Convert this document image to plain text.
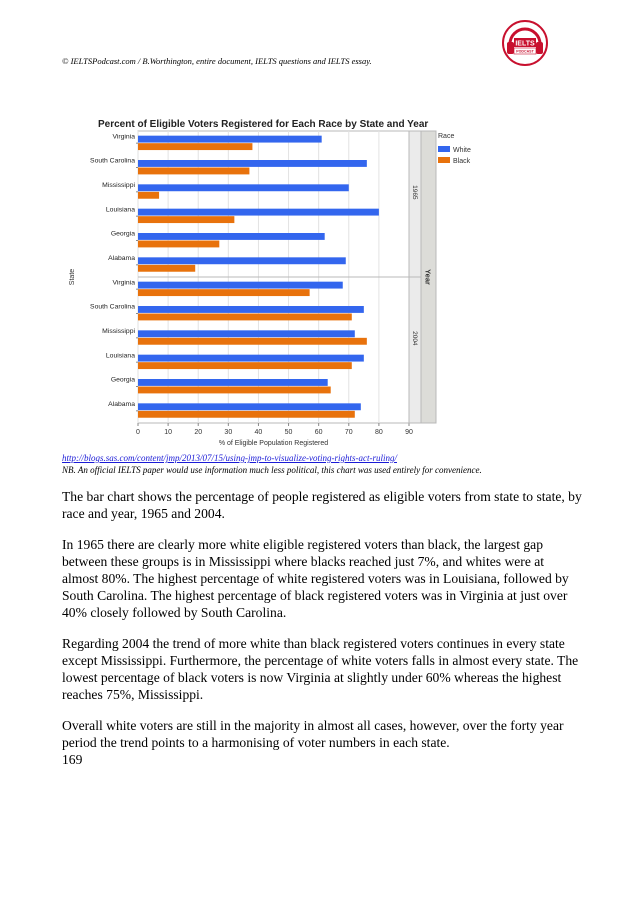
IELTS
PODCAST
© IELTSPodcast.com / B.Worthington, entire document, IELTS questions and IELTS essay.
Percent of Eligible Voters Registered for Each Race by State and Year
0	10	20	30	40	50	60	70	80	90
Year
1965
Virginia
South Carolina
Mississippi
Louisiana
Georgia
Alabama
2004
Virginia
South Carolina
Mississippi
Louisiana
Georgia
Alabama
% of Eligible Population Registered
State
Race
White
Black
http://blogs.sas.com/content/jmp/2013/07/15/using-jmp-to-visualize-voting-rights-act-ruling/
NB. An official IELTS paper would use information much less political, this chart was used entirely for convenience.

The bar chart shows the percentage of people registered as eligible voters from state to state, by race and year, 1965 and 2004.

In 1965 there are clearly more white eligible registered voters than black, the largest gap between these groups is in Mississippi where blacks reached just 7%, and whites were at almost 80%. The highest percentage of white registered voters was in Louisiana, followed by South Carolina. The highest percentage of black registered voters was in Virginia at just over 40% closely followed by South Carolina.

Regarding 2004 the trend of more white than black registered voters continues in every state except Mississippi. Furthermore, the percentage of white voters falls in almost every state. The lowest percentage of black voters is now Virginia at slightly under 60% whereas the highest reaches 75%, Mississippi.

Overall white voters are still in the majority in almost all cases, however, over the forty year period the trend points to a harmonising of voter numbers in each state.

169
